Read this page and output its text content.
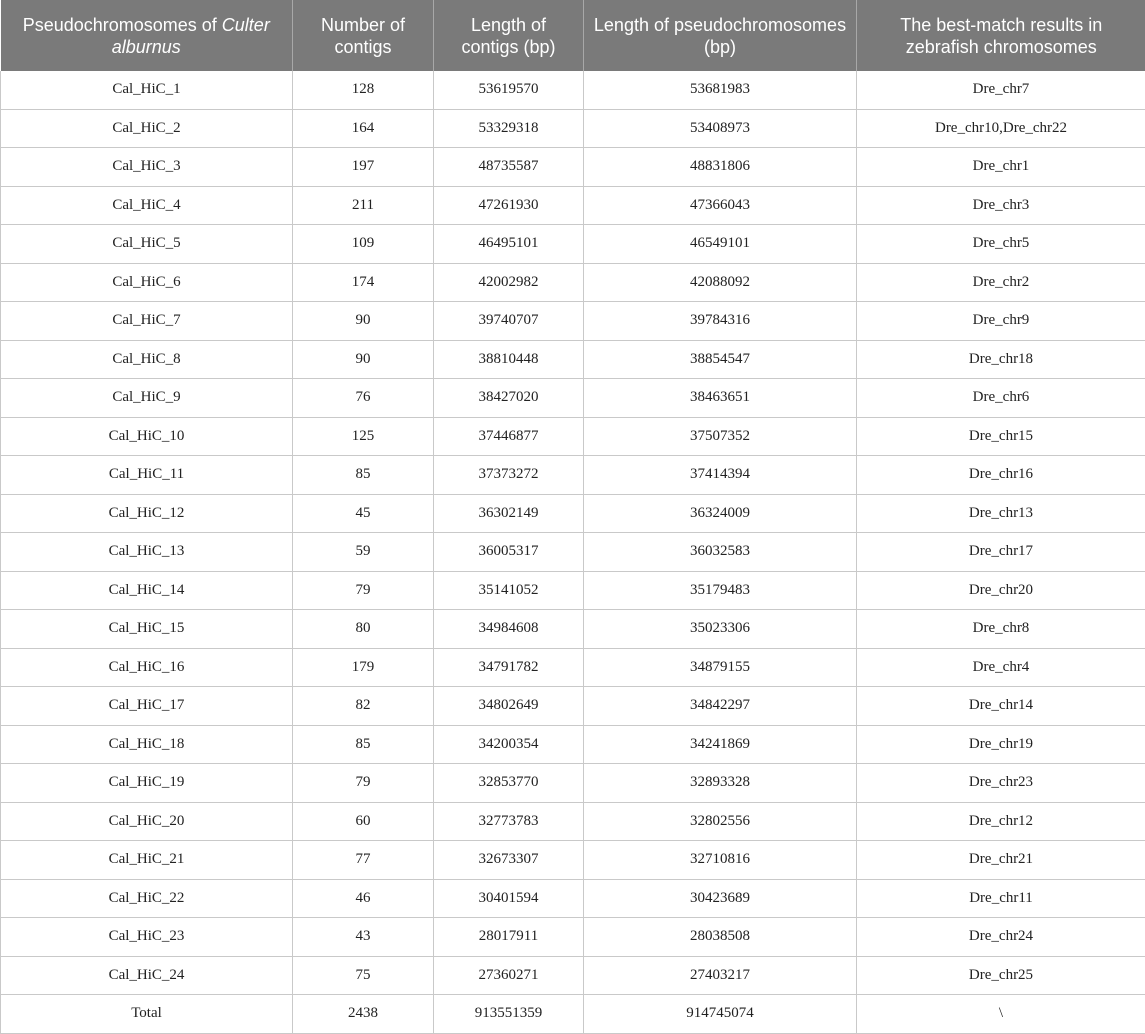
Pseudochromosomes of Culter alburnus	Number of contigs	Length of contigs (bp)	Length of pseudochromosomes (bp)	The best-match results in zebrafish chromosomes
Cal_HiC_1	128	53619570	53681983	Dre_chr7
Cal_HiC_2	164	53329318	53408973	Dre_chr10,Dre_chr22
Cal_HiC_3	197	48735587	48831806	Dre_chr1
Cal_HiC_4	211	47261930	47366043	Dre_chr3
Cal_HiC_5	109	46495101	46549101	Dre_chr5
Cal_HiC_6	174	42002982	42088092	Dre_chr2
Cal_HiC_7	90	39740707	39784316	Dre_chr9
Cal_HiC_8	90	38810448	38854547	Dre_chr18
Cal_HiC_9	76	38427020	38463651	Dre_chr6
Cal_HiC_10	125	37446877	37507352	Dre_chr15
Cal_HiC_11	85	37373272	37414394	Dre_chr16
Cal_HiC_12	45	36302149	36324009	Dre_chr13
Cal_HiC_13	59	36005317	36032583	Dre_chr17
Cal_HiC_14	79	35141052	35179483	Dre_chr20
Cal_HiC_15	80	34984608	35023306	Dre_chr8
Cal_HiC_16	179	34791782	34879155	Dre_chr4
Cal_HiC_17	82	34802649	34842297	Dre_chr14
Cal_HiC_18	85	34200354	34241869	Dre_chr19
Cal_HiC_19	79	32853770	32893328	Dre_chr23
Cal_HiC_20	60	32773783	32802556	Dre_chr12
Cal_HiC_21	77	32673307	32710816	Dre_chr21
Cal_HiC_22	46	30401594	30423689	Dre_chr11
Cal_HiC_23	43	28017911	28038508	Dre_chr24
Cal_HiC_24	75	27360271	27403217	Dre_chr25
Total	2438	913551359	914745074	\
